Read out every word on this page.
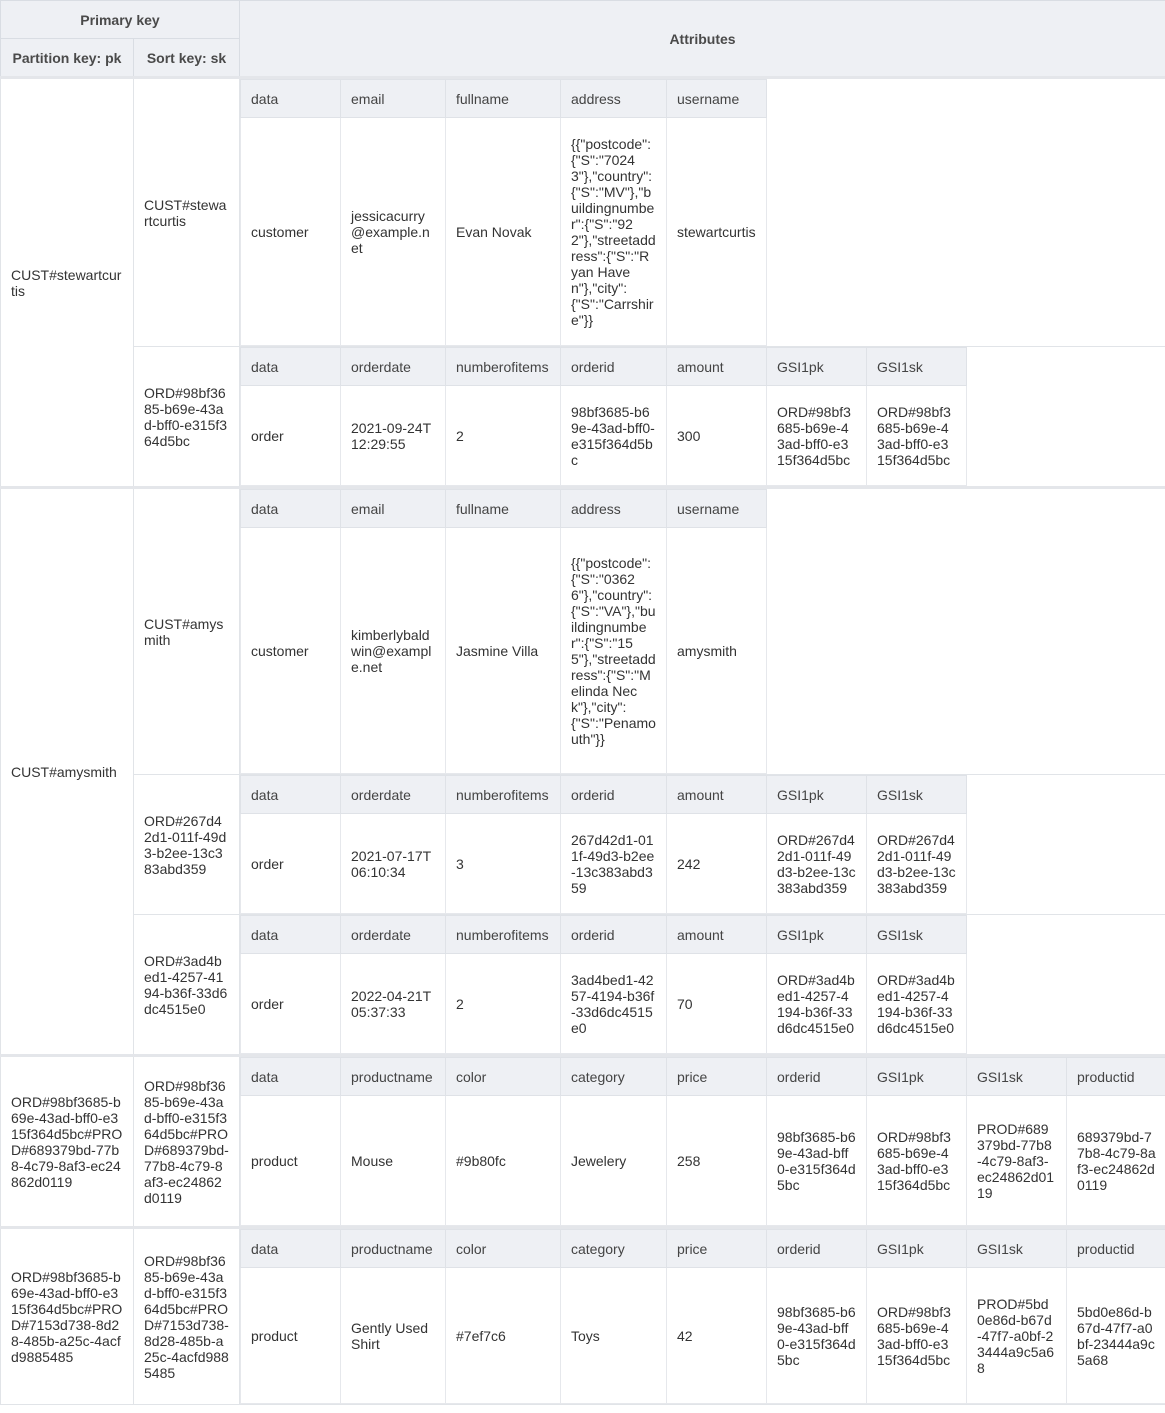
Primary key	Attributes
Partition key: pk	Sort key: sk
CUST#stewartcurtis	CUST#stewartcurtis	
data	email	fullname	address	username
customer	jessicacurry@example.net	Evan Novak	{{"postcode":{"S":"70243"},"country":{"S":"MV"},"buildingnumber":{"S":"922"},"streetaddress":{"S":"Ryan Haven"},"city":{"S":"Carrshire"}}	stewartcurtis

ORD#98bf3685-b69e-43ad-bff0-e315f364d5bc	
data	orderdate	numberofitems	orderid	amount	GSI1pk	GSI1sk
order	2021-09-24T12:29:55	2	98bf3685-b69e-43ad-bff0-e315f364d5bc	300	ORD#98bf3685-b69e-43ad-bff0-e315f364d5bc	ORD#98bf3685-b69e-43ad-bff0-e315f364d5bc

CUST#amysmith	CUST#amysmith	
data	email	fullname	address	username
customer	kimberlybaldwin@example.net	Jasmine Villa	{{"postcode":{"S":"03626"},"country":{"S":"VA"},"buildingnumber":{"S":"155"},"streetaddress":{"S":"Melinda Neck"},"city":{"S":"Penamouth"}}	amysmith

ORD#267d42d1-011f-49d3-b2ee-13c383abd359	
data	orderdate	numberofitems	orderid	amount	GSI1pk	GSI1sk
order	2021-07-17T06:10:34	3	267d42d1-011f-49d3-b2ee-13c383abd359	242	ORD#267d42d1-011f-49d3-b2ee-13c383abd359	ORD#267d42d1-011f-49d3-b2ee-13c383abd359

ORD#3ad4bed1-4257-4194-b36f-33d6dc4515e0	
data	orderdate	numberofitems	orderid	amount	GSI1pk	GSI1sk
order	2022-04-21T05:37:33	2	3ad4bed1-4257-4194-b36f-33d6dc4515e0	70	ORD#3ad4bed1-4257-4194-b36f-33d6dc4515e0	ORD#3ad4bed1-4257-4194-b36f-33d6dc4515e0

ORD#98bf3685-b69e-43ad-bff0-e315f364d5bc#PROD#689379bd-77b8-4c79-8af3-ec24862d0119	ORD#98bf3685-b69e-43ad-bff0-e315f364d5bc#PROD#689379bd-77b8-4c79-8af3-ec24862d0119	
data	productname	color	category	price	orderid	GSI1pk	GSI1sk	productid
product	Mouse	#9b80fc	Jewelery	258	98bf3685-b69e-43ad-bff0-e315f364d5bc	ORD#98bf3685-b69e-43ad-bff0-e315f364d5bc	PROD#689379bd-77b8-4c79-8af3-ec24862d0119	689379bd-77b8-4c79-8af3-ec24862d0119

ORD#98bf3685-b69e-43ad-bff0-e315f364d5bc#PROD#7153d738-8d28-485b-a25c-4acfd9885485	ORD#98bf3685-b69e-43ad-bff0-e315f364d5bc#PROD#7153d738-8d28-485b-a25c-4acfd9885485	
data	productname	color	category	price	orderid	GSI1pk	GSI1sk	productid
product	Gently Used Shirt	#7ef7c6	Toys	42	98bf3685-b69e-43ad-bff0-e315f364d5bc	ORD#98bf3685-b69e-43ad-bff0-e315f364d5bc	PROD#5bd0e86d-b67d-47f7-a0bf-23444a9c5a68	5bd0e86d-b67d-47f7-a0bf-23444a9c5a68
